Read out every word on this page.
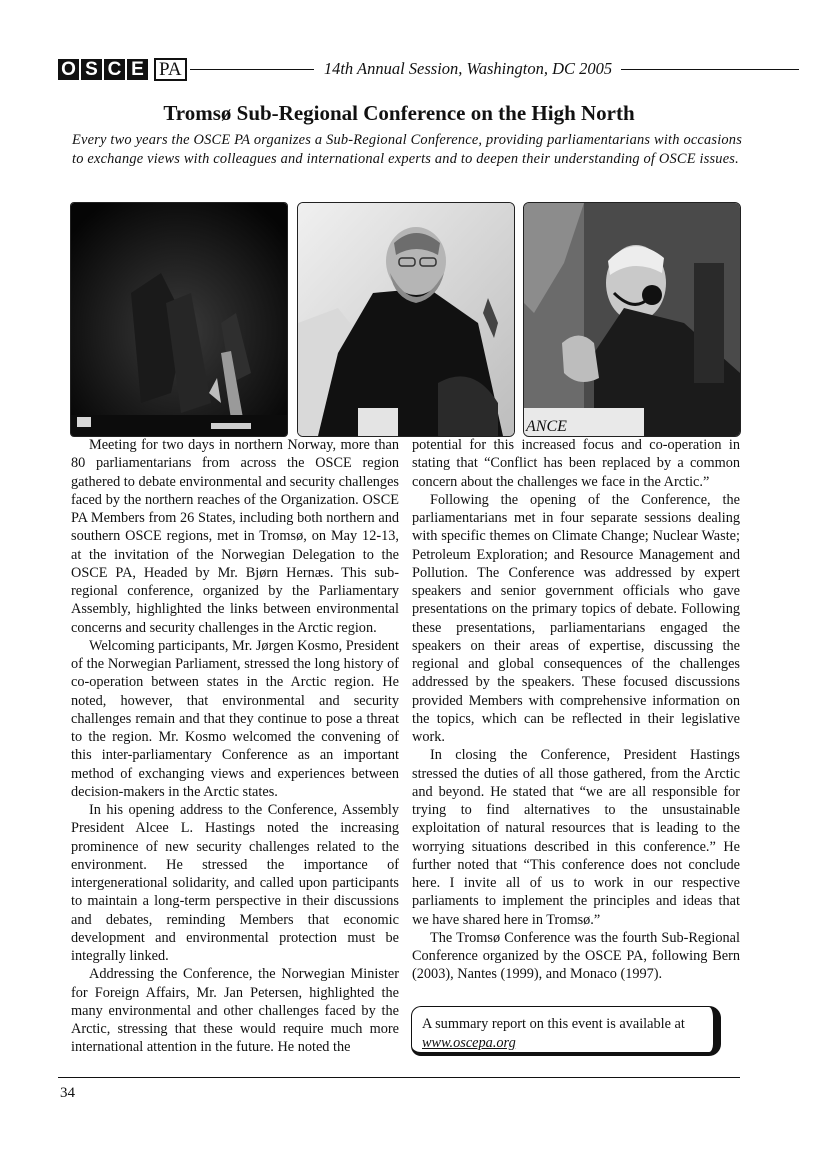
O S C E PA	14th Annual Session, Washington, DC 2005
Tromsø Sub-Regional Conference on the High North

Every two years the OSCE PA organizes a Sub-Regional Conference, providing parliamentarians with occasions to exchange views with colleagues and international experts and to deepen their understanding of OSCE issues.

ANCE

Meeting for two days in northern Norway, more than 80 parliamentarians from across the OSCE region gathered to debate environmental and security challenges faced by the northern reaches of the Organization. OSCE PA Members from 26 States, including both northern and southern OSCE regions, met in Tromsø, on May 12-13, at the invitation of the Norwegian Delegation to the OSCE PA, Headed by Mr. Bjørn Hernæs. This sub-regional conference, organized by the Parliamentary Assembly, highlighted the links between environmental concerns and security challenges in the Arctic region.

Welcoming participants, Mr. Jørgen Kosmo, President of the Norwegian Parliament, stressed the long history of co-operation between states in the Arctic region. He noted, however, that environmental and security challenges remain and that they continue to pose a threat to the region. Mr. Kosmo welcomed the convening of this inter-parliamentary Conference as an important method of exchanging views and experiences between decision-makers in the Arctic states.

In his opening address to the Conference, Assembly President Alcee L. Hastings noted the increasing prominence of new security challenges related to the environment. He stressed the importance of intergenerational solidarity, and called upon participants to maintain a long-term perspective in their discussions and debates, reminding Members that economic development and environmental protection must be integrally linked.

Addressing the Conference, the Norwegian Minister for Foreign Affairs, Mr. Jan Petersen, highlighted the many environmental and other challenges faced by the Arctic, stressing that these would require much more international attention in the future. He noted the

potential for this increased focus and co-operation in stating that “Conflict has been replaced by a common concern about the challenges we face in the Arctic.”

Following the opening of the Conference, the parliamentarians met in four separate sessions dealing with specific themes on Climate Change; Nuclear Waste; Petroleum Exploration; and Resource Management and Pollution. The Conference was addressed by expert speakers and senior government officials who gave presentations on the primary topics of debate. Following these presentations, parliamentarians engaged the speakers on their areas of expertise, discussing the regional and global consequences of the challenges addressed by the speakers. These focused discussions provided Members with comprehensive information on the topics, which can be reflected in their legislative work.

In closing the Conference, President Hastings stressed the duties of all those gathered, from the Arctic and beyond. He stated that “we are all responsible for trying to find alternatives to the unsustainable exploitation of natural resources that is leading to the worrying situations described in this conference.” He further noted that “This conference does not conclude here. I invite all of us to work in our respective parliaments to implement the principles and ideas that we have shared here in Tromsø.”

The Tromsø Conference was the fourth Sub-Regional Conference organized by the OSCE PA, following Bern (2003), Nantes (1999), and Monaco (1997).

A summary report on this event is available at
www.oscepa.org
34
